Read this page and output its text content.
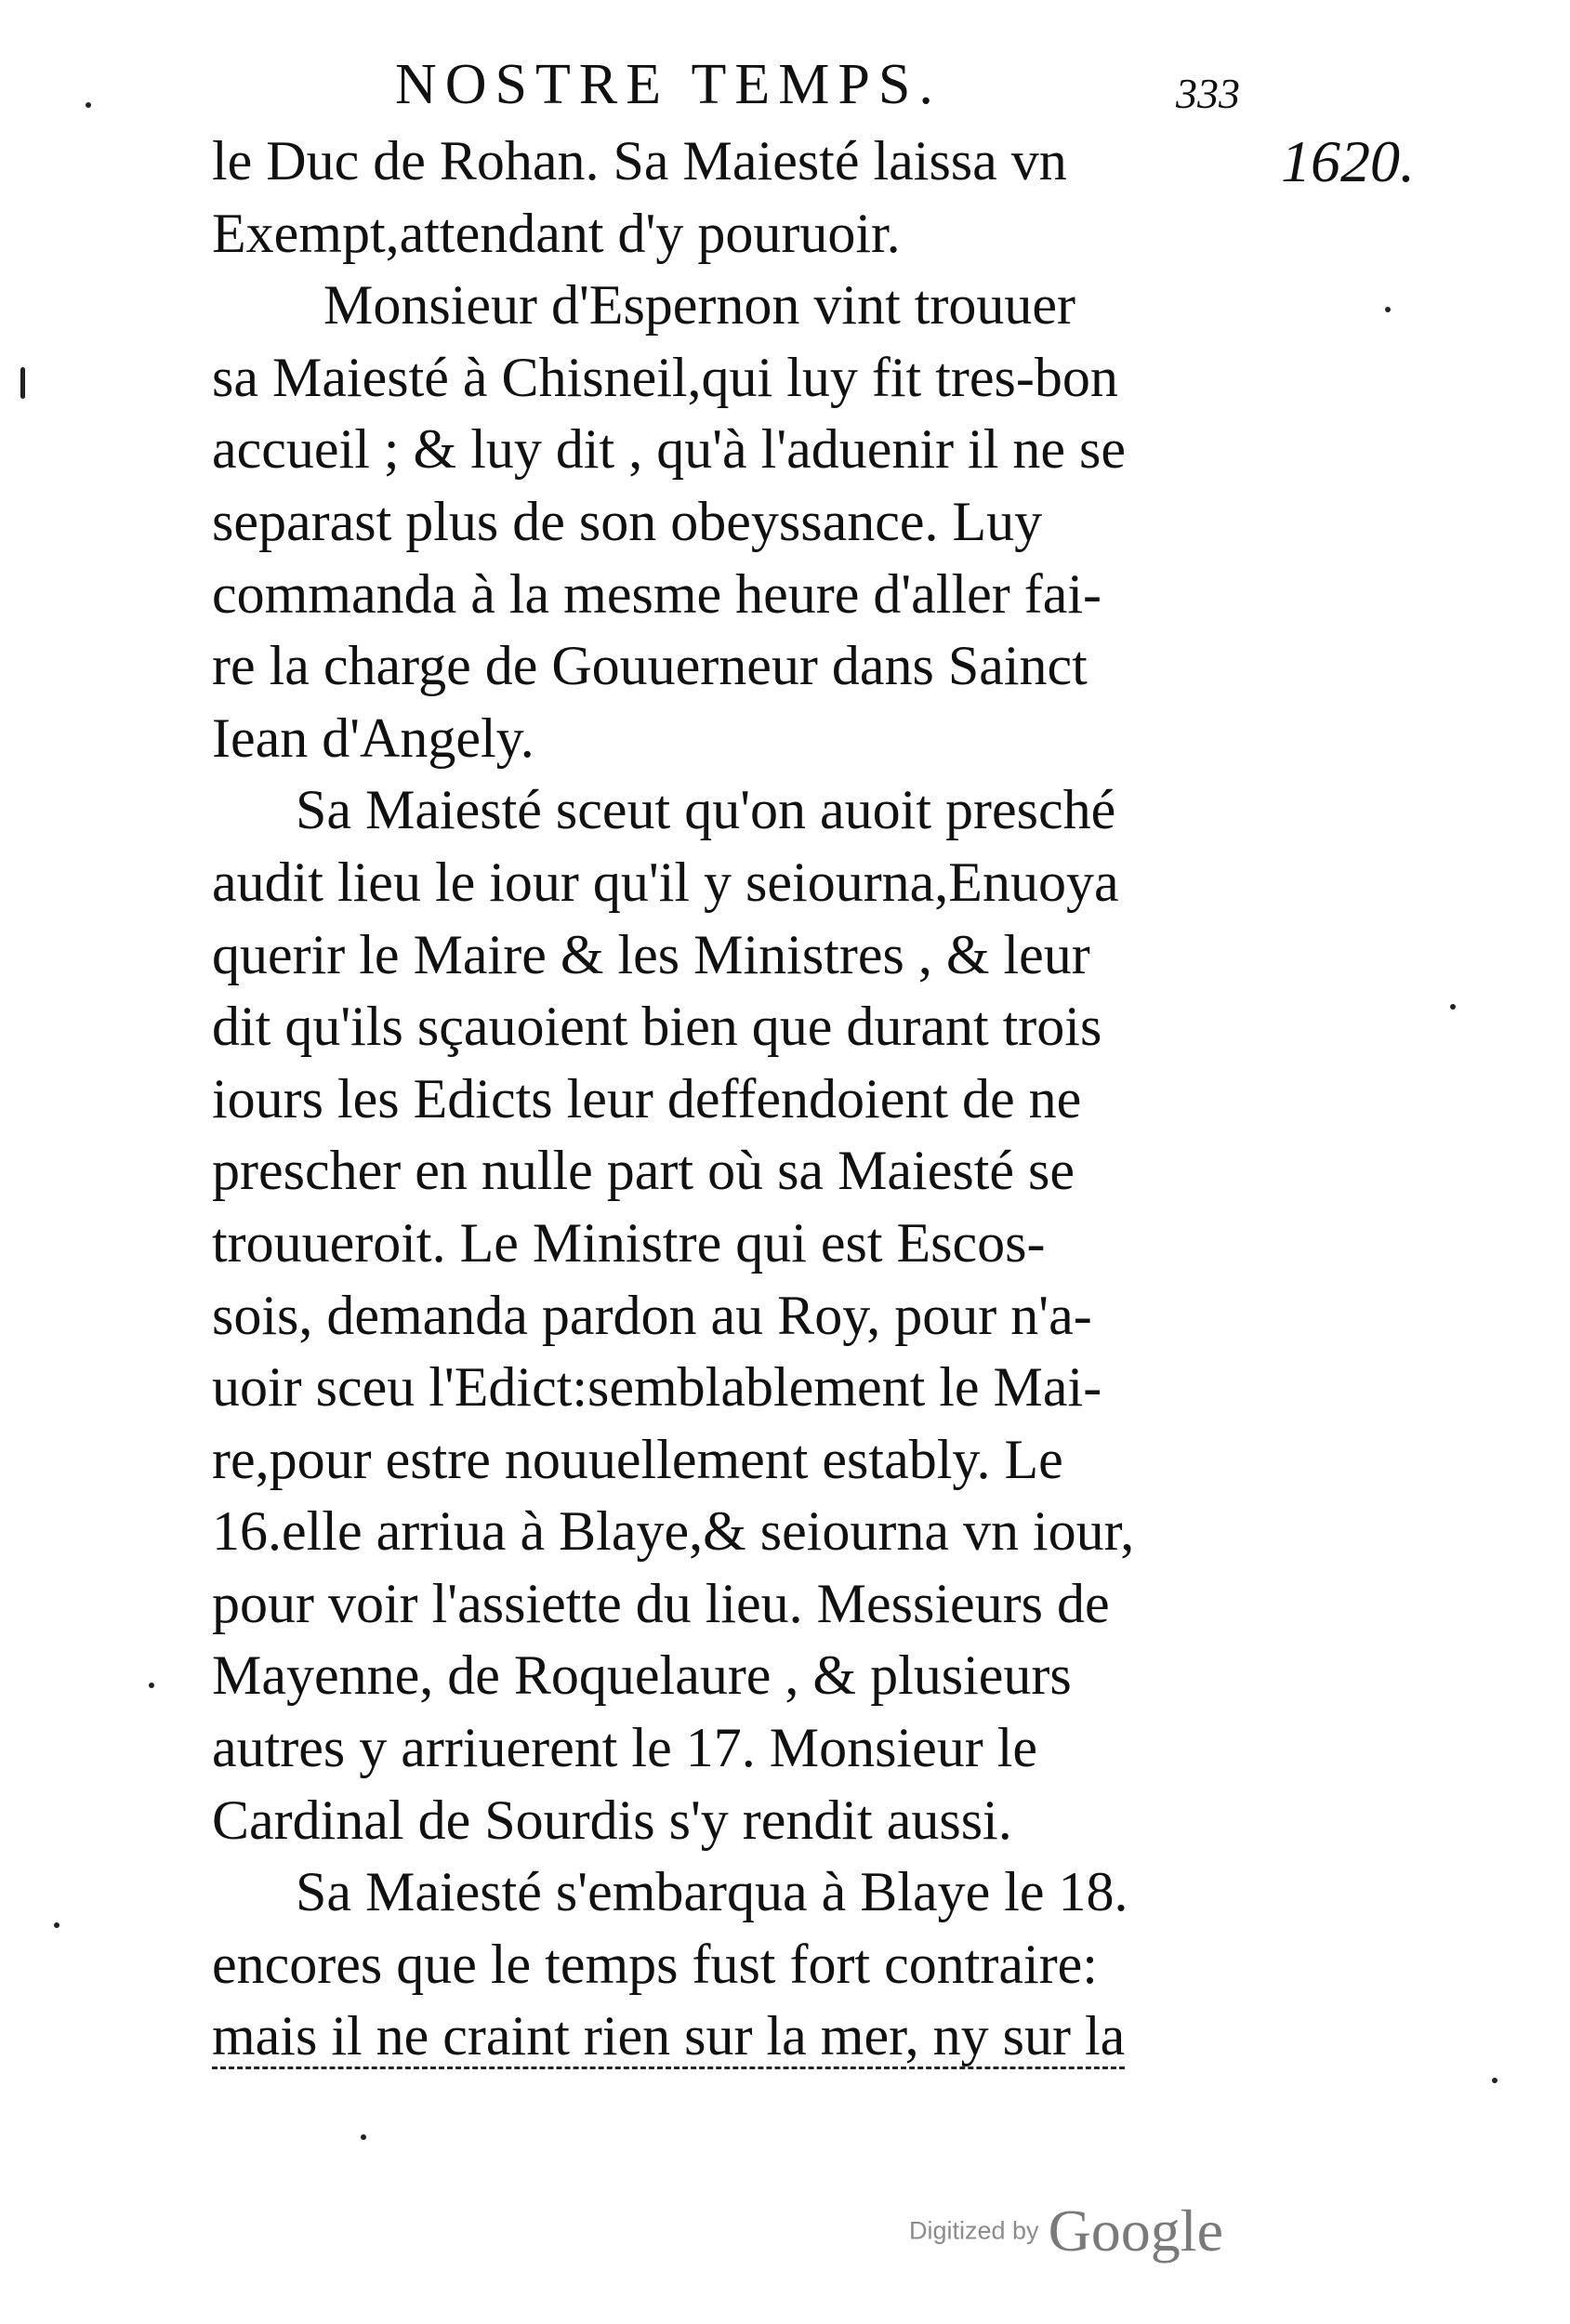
NOSTRE TEMPS.	333
1620.
le Duc de Rohan. Sa Maiesté laissa vn
Exempt,attendant d'y pouruoir.
Monsieur d'Espernon vint trouuer
sa Maiesté à Chisneil,qui luy fit tres-bon
accueil ; & luy dit , qu'à l'aduenir il ne se
separast plus de son obeyssance. Luy
commanda à la mesme heure d'aller fai-
re la charge de Gouuerneur dans Sainct
Iean d'Angely.
Sa Maiesté sceut qu'on auoit presché
audit lieu le iour qu'il y seiourna,Enuoya
querir le Maire & les Ministres , & leur
dit qu'ils sçauoient bien que durant trois
iours les Edicts leur deffendoient de ne
prescher en nulle part où sa Maiesté se
trouueroit. Le Ministre qui est Escos-
sois, demanda pardon au Roy, pour n'a-
uoir sceu l'Edict:semblablement le Mai-
re,pour estre nouuellement estably. Le
16.elle arriua à Blaye,& seiourna vn iour,
pour voir l'assiette du lieu. Messieurs de
Mayenne, de Roquelaure , & plusieurs
autres y arriuerent le 17. Monsieur le
Cardinal de Sourdis s'y rendit aussi.
Sa Maiesté s'embarqua à Blaye le 18.
encores que le temps fust fort contraire:
mais il ne craint rien sur la mer, ny sur la
Digitized by Google
